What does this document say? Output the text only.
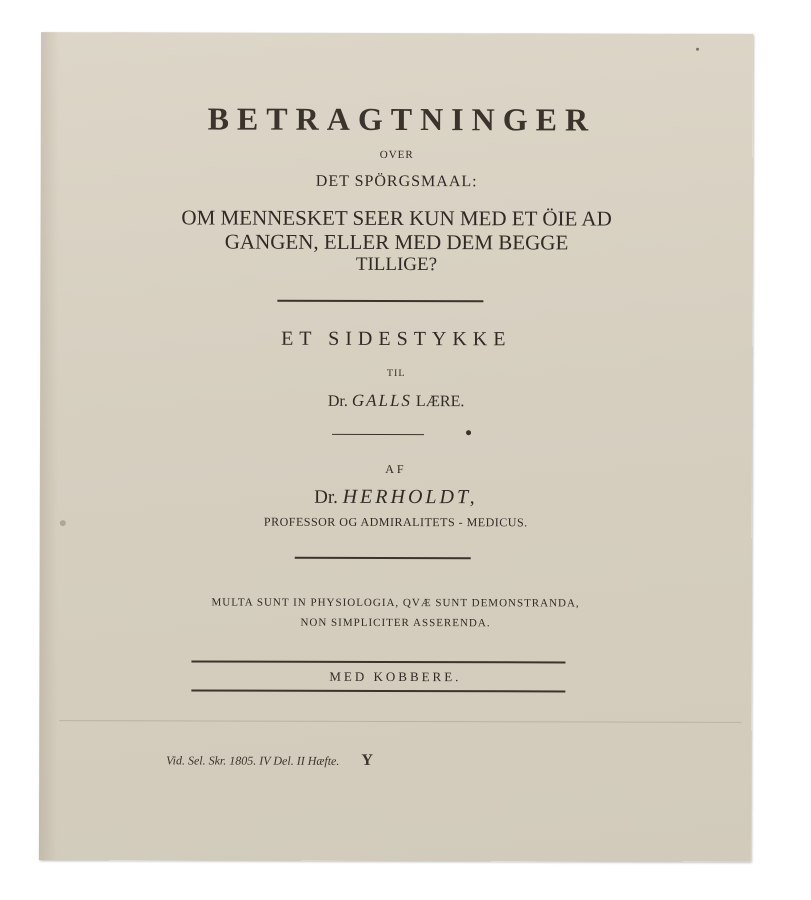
BETRAGTNINGER
OVER
DET SPÖRGSMAAL:
OM MENNESKET SEER KUN MED ET ÖIE AD
GANGEN, ELLER MED DEM BEGGE
TILLIGE?
ET SIDESTYKKE
TIL
Dr. GALLS LÆRE.
AF
Dr. HERHOLDT,
PROFESSOR OG ADMIRALITETS - MEDICUS.
MULTA SUNT IN PHYSIOLOGIA, QVÆ SUNT DEMONSTRANDA,
NON SIMPLICITER ASSERENDA.
MED KOBBERE.
Vid. Sel. Skr. 1805. IV Del. II Hæfte. Y
